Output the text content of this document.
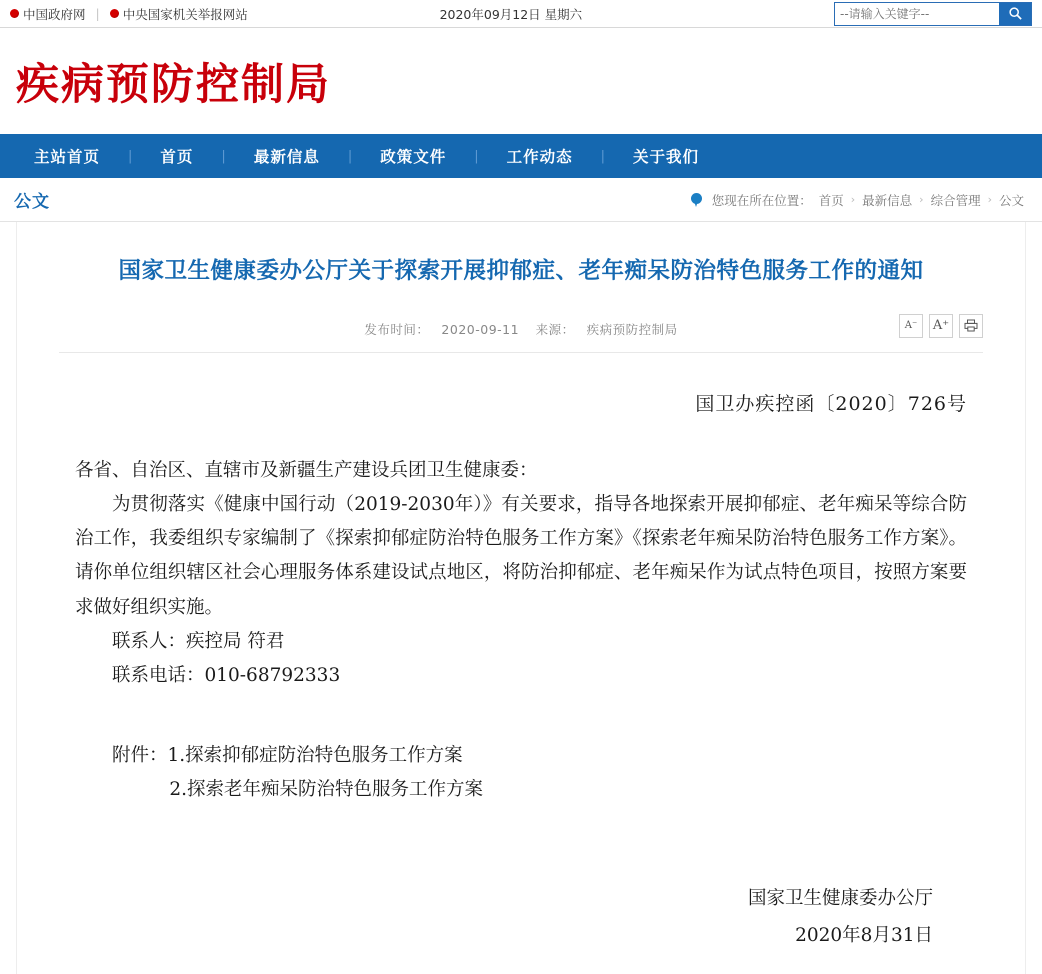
中国政府网 | 中央国家机关举报网站	2020年09月12日 星期六
--请输入关键字--
疾病预防控制局
主站首页	|	首页	|	最新信息	|	政策文件	|	工作动态	|	关于我们
公文	您现在所在位置： 首页 › 最新信息 › 综合管理 › 公文
国家卫生健康委办公厅关于探索开展抑郁症、老年痴呆防治特色服务工作的通知
发布时间： 2020-09-11 来源： 疾病预防控制局	A⁻	A⁺
国卫办疾控函〔2020〕726号
各省、自治区、直辖市及新疆生产建设兵团卫生健康委：
为贯彻落实《健康中国行动（2019-2030年）》有关要求，指导各地探索开展抑郁症、老年痴呆等综合防治工作，我委组织专家编制了《探索抑郁症防治特色服务工作方案》《探索老年痴呆防治特色服务工作方案》。请你单位组织辖区社会心理服务体系建设试点地区，将防治抑郁症、老年痴呆作为试点特色项目，按照方案要求做好组织实施。
联系人：疾控局 符君
联系电话：010-68792333
附件：1.探索抑郁症防治特色服务工作方案
2.探索老年痴呆防治特色服务工作方案
国家卫生健康委办公厅
2020年8月31日
